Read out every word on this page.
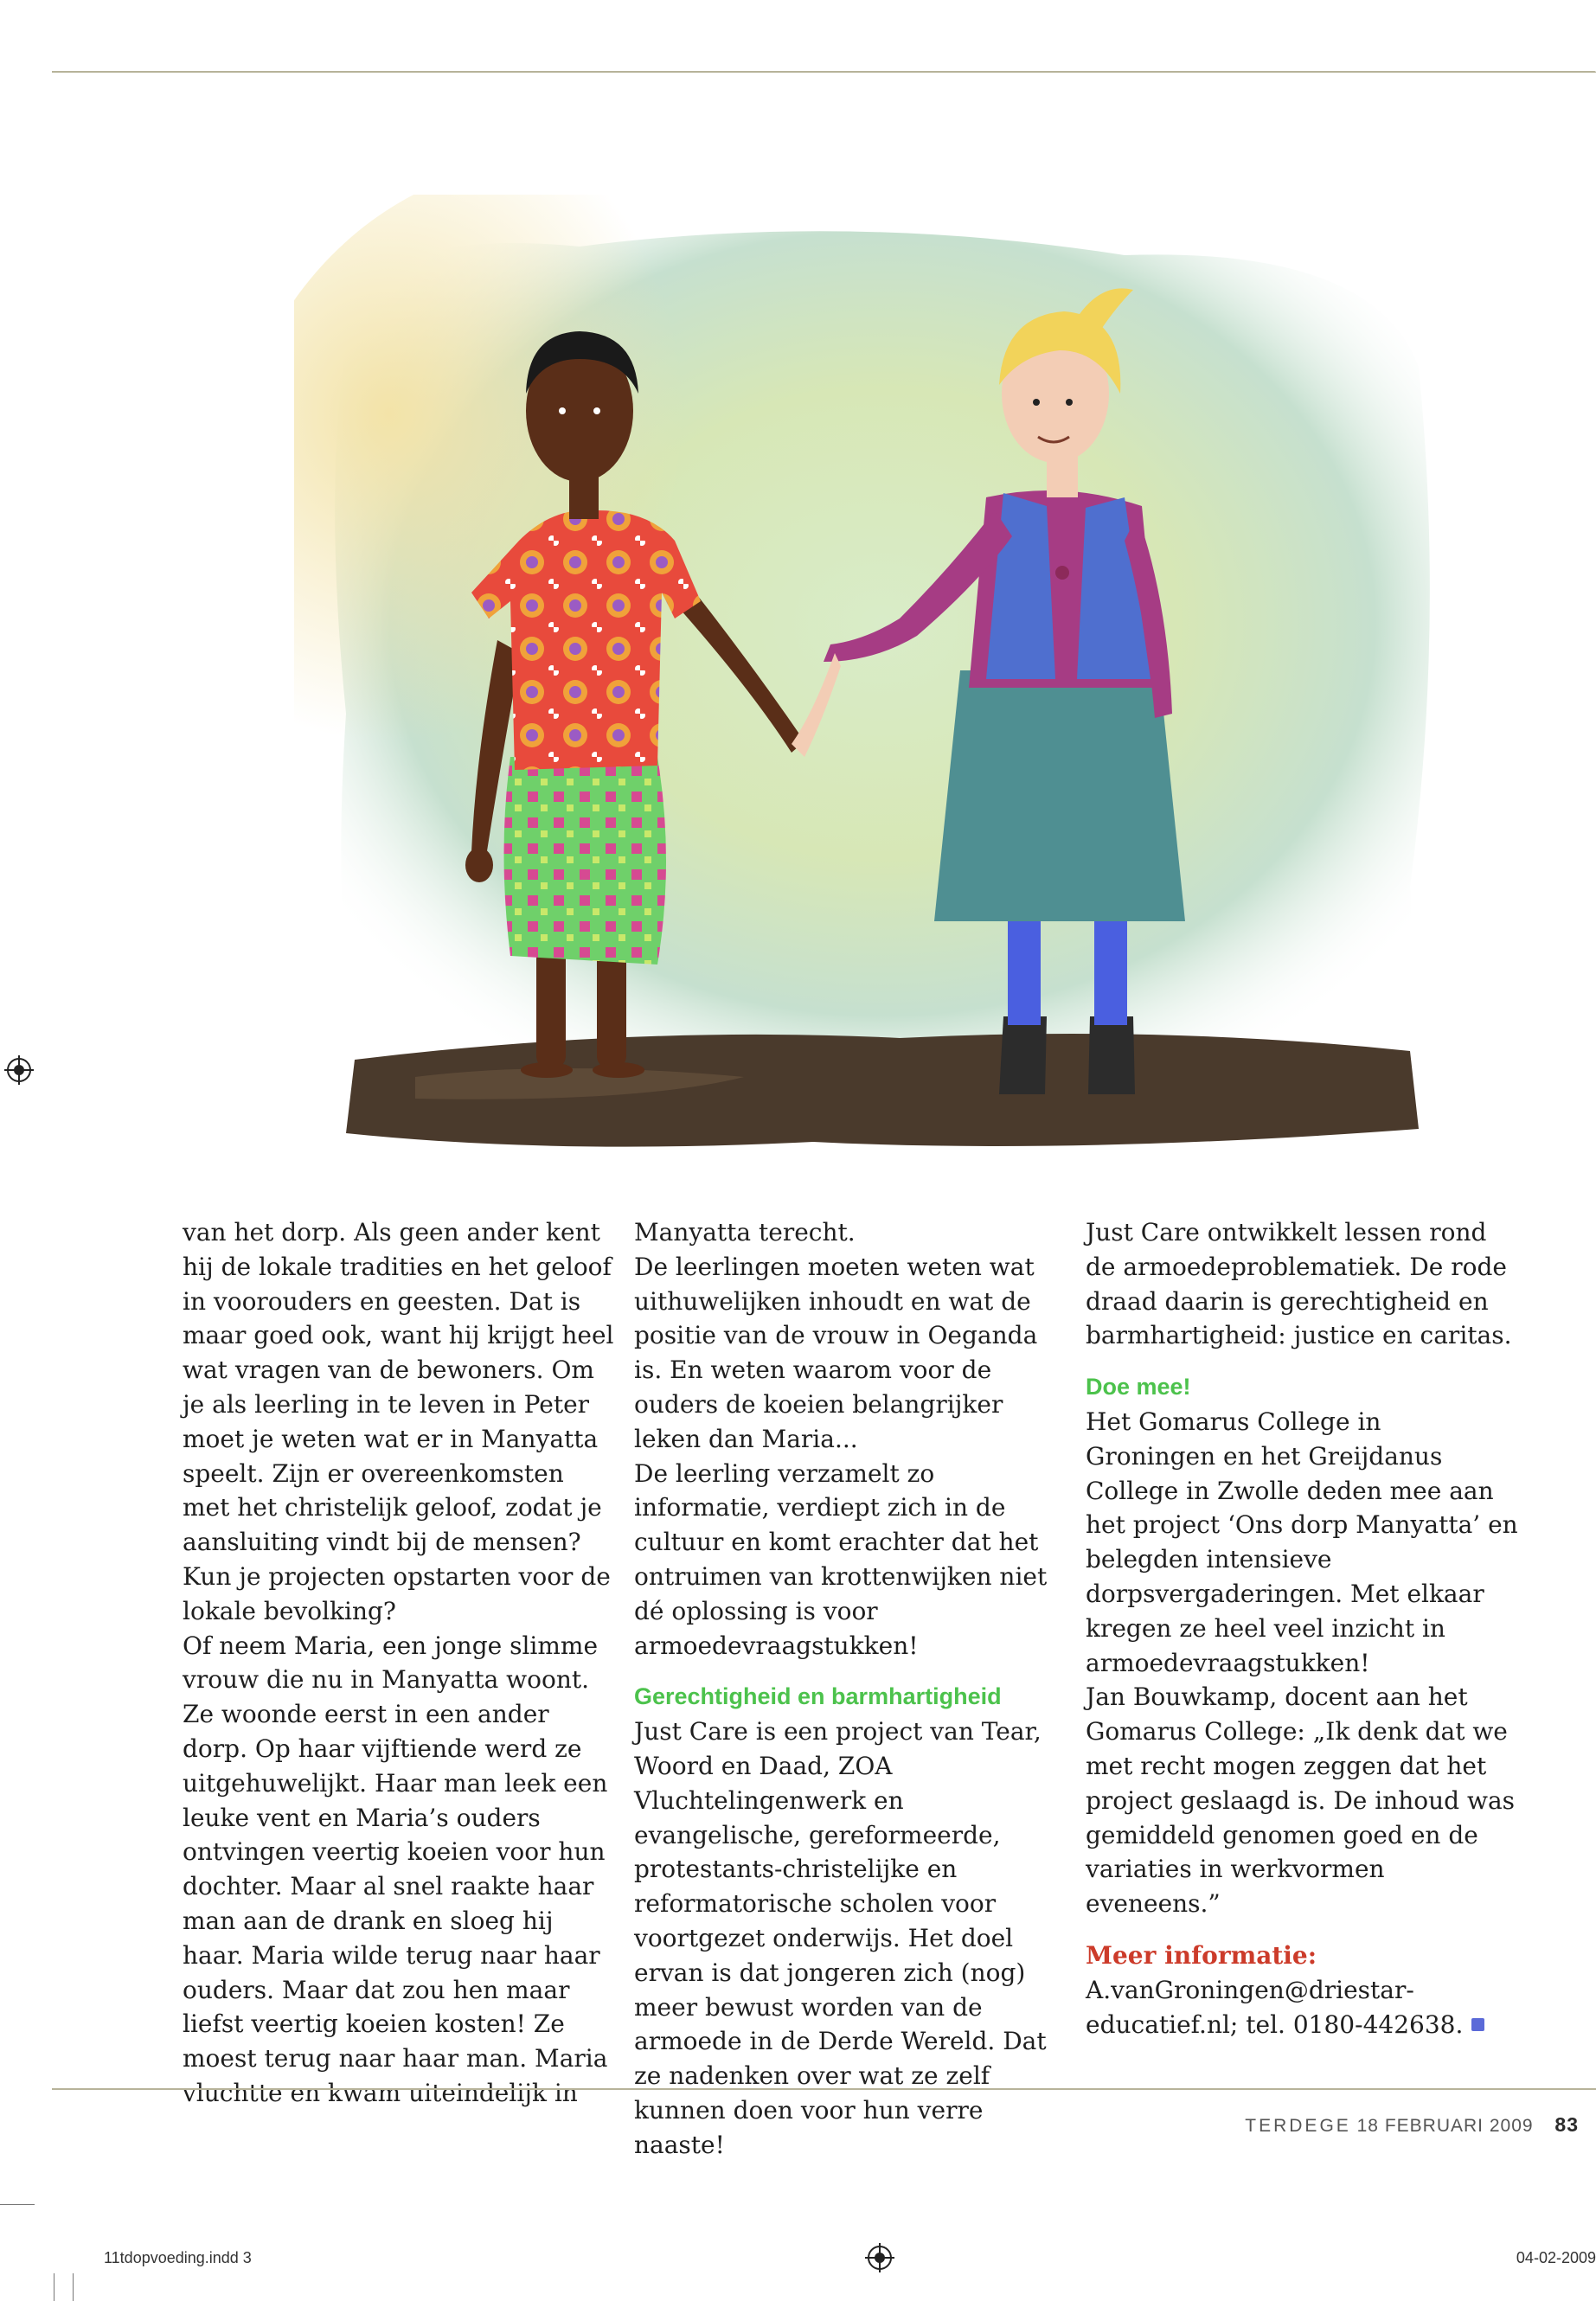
van het dorp. Als geen ander kent hij de lokale tradities en het geloof in voorouders en geesten. Dat is maar goed ook, want hij krijgt heel wat vragen van de bewoners. Om je als leerling in te leven in Peter moet je weten wat er in Manyatta speelt. Zijn er overeenkomsten met het christelijk geloof, zodat je aansluiting vindt bij de mensen? Kun je projecten opstarten voor de lokale bevolking?

Of neem Maria, een jonge slimme vrouw die nu in Manyatta woont. Ze woonde eerst in een ander dorp. Op haar vijftiende werd ze uitgehuwelijkt. Haar man leek een leuke vent en Maria’s ouders ontvingen veertig koeien voor hun dochter. Maar al snel raakte haar man aan de drank en sloeg hij haar. Maria wilde terug naar haar ouders. Maar dat zou hen maar liefst veertig koeien kosten! Ze moest terug naar haar man. Maria vluchtte en kwam uiteindelijk in

Manyatta terecht.

De leerlingen moeten weten wat uithuwelijken inhoudt en wat de positie van de vrouw in Oeganda is. En weten waarom voor de ouders de koeien belangrijker leken dan Maria...

De leerling verzamelt zo informatie, verdiept zich in de cultuur en komt erachter dat het ontruimen van krottenwijken niet dé oplossing is voor armoedevraagstukken!

Gerechtigheid en barmhartigheid

Just Care is een project van Tear, Woord en Daad, ZOA Vluchtelingenwerk en evangelische, gereformeerde, protestants-christelijke en reformatorische scholen voor voortgezet onderwijs. Het doel ervan is dat jongeren zich (nog) meer bewust worden van de armoede in de Derde Wereld. Dat ze nadenken over wat ze zelf kunnen doen voor hun verre naaste!

Just Care ontwikkelt lessen rond de armoedeproblematiek. De rode draad daarin is gerechtigheid en barmhartigheid: justice en caritas.

Doe mee!

Het Gomarus College in Groningen en het Greijdanus College in Zwolle deden mee aan het project ‘Ons dorp Manyatta’ en belegden intensieve dorpsvergaderingen. Met elkaar kregen ze heel veel inzicht in armoedevraagstukken!

Jan Bouwkamp, docent aan het Gomarus College: „Ik denk dat we met recht mogen zeggen dat het project geslaagd is. De inhoud was gemiddeld genomen goed en de variaties in werkvormen eveneens.”

Meer informatie:

A.vanGroningen@driestar-educatief.nl; tel. 0180-442638.

TERDEGE 18 FEBRUARI 2009 83
11tdopvoeding.indd 3	04-02-2009
